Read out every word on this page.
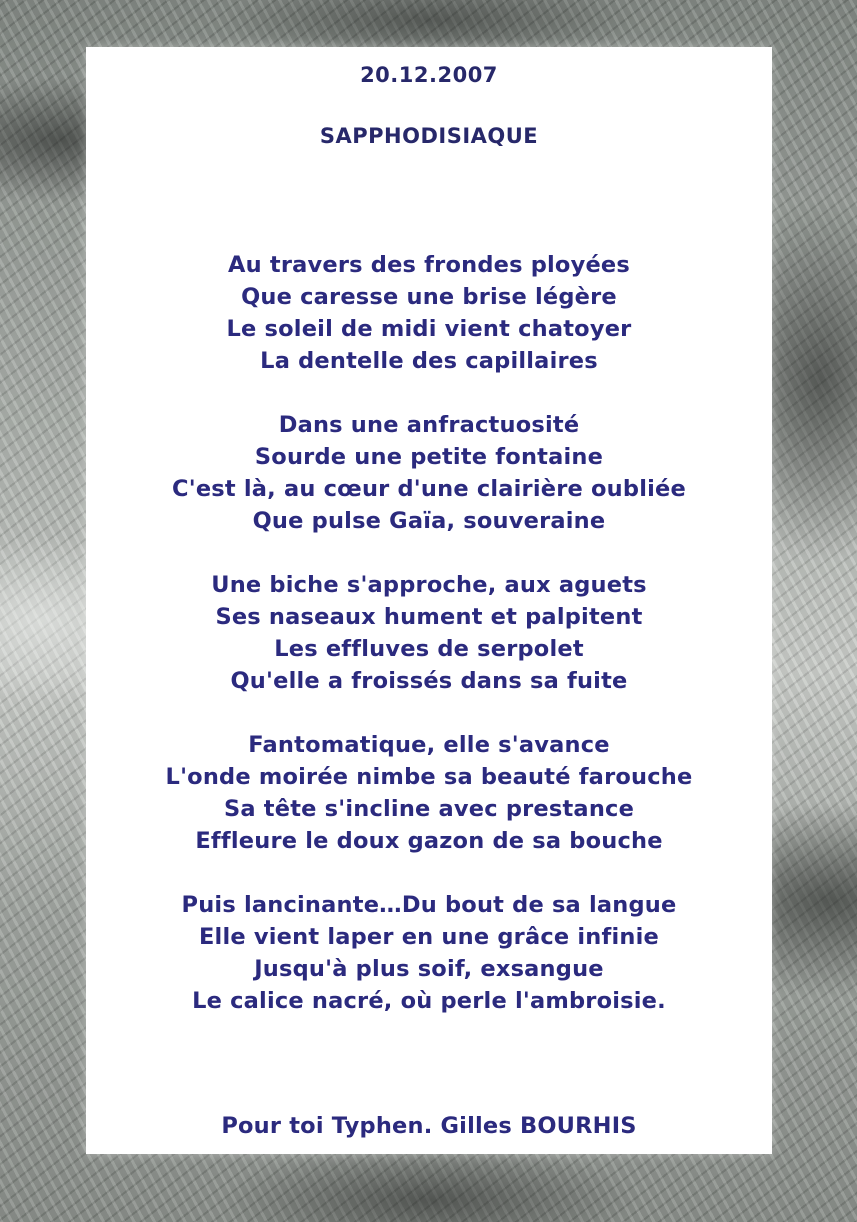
20.12.2007
SAPPHODISIAQUE
Au travers des frondes ployées
Que caresse une brise légère
Le soleil de midi vient chatoyer
La dentelle des capillaires
Dans une anfractuosité
Sourde une petite fontaine
C'est là, au cœur d'une clairière oubliée
Que pulse Gaïa, souveraine
Une biche s'approche, aux aguets
Ses naseaux hument et palpitent
Les effluves de serpolet
Qu'elle a froissés dans sa fuite
Fantomatique, elle s'avance
L'onde moirée nimbe sa beauté farouche
Sa tête s'incline avec prestance
Effleure le doux gazon de sa bouche
Puis lancinante…Du bout de sa langue
Elle vient laper en une grâce infinie
Jusqu'à plus soif, exsangue
Le calice nacré, où perle l'ambroisie.
Pour toi Typhen. Gilles BOURHIS
